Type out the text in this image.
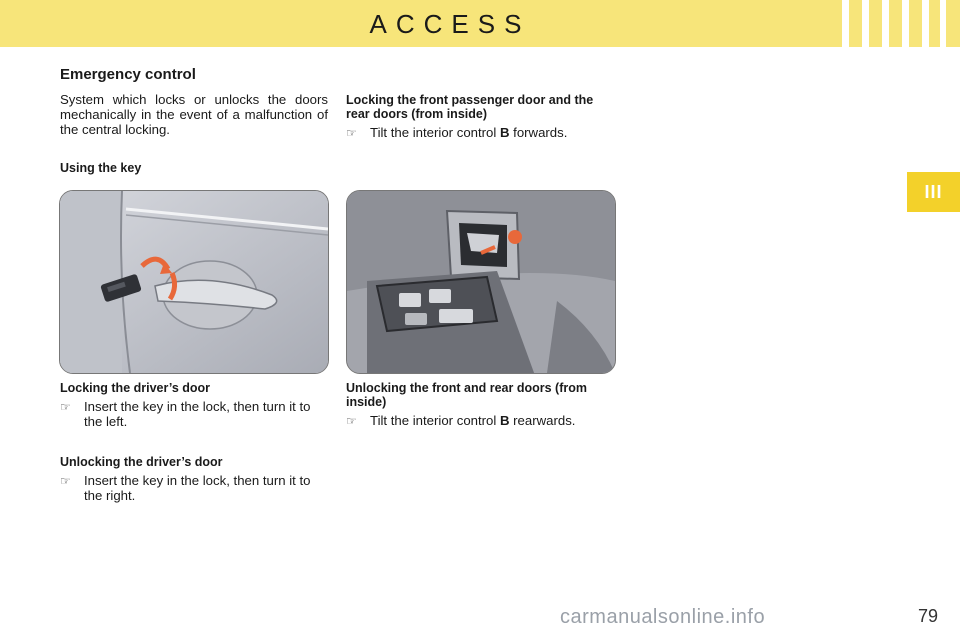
ACCESS
III
Emergency control
System which locks or unlocks the doors mechanically in the event of a malfunction of the central locking.
Using the key
Locking the front passenger door and the rear doors (from inside)
☞	Tilt the interior control B forwards.
Locking the driver’s door
☞	Insert the key in the lock, then turn it to the left.
Unlocking the driver’s door
☞	Insert the key in the lock, then turn it to the right.
Unlocking the front and rear doors (from inside)
☞	Tilt the interior control B rearwards.
carmanualsonline.info	79
